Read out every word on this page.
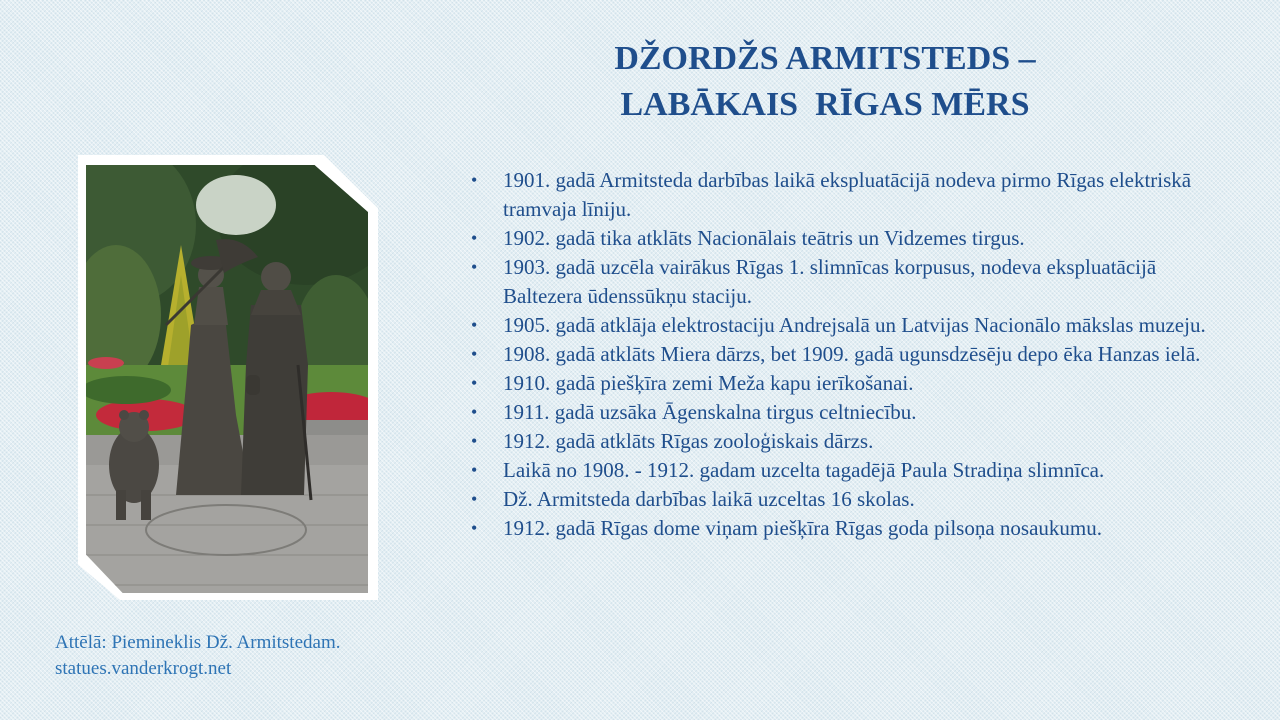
DŽORDŽS ARMITSTEDS –
LABĀKAIS  RĪGAS MĒRS
• 1901. gadā Armitsteda darbības laikā ekspluatācijā nodeva pirmo Rīgas elektriskā tramvaja līniju.
• 1902. gadā tika atklāts Nacionālais teātris un Vidzemes tirgus.
• 1903. gadā uzcēla vairākus Rīgas 1. slimnīcas korpusus, nodeva ekspluatācijā Baltezera ūdenssūkņu staciju.
• 1905. gadā atklāja elektrostaciju Andrejsalā un Latvijas Nacionālo mākslas muzeju.
• 1908. gadā atklāts Miera dārzs, bet 1909. gadā ugunsdzēsēju depo ēka Hanzas ielā.
• 1910. gadā piešķīra zemi Meža kapu ierīkošanai.
• 1911. gadā uzsāka Āgenskalna tirgus celtniecību.
• 1912. gadā atklāts Rīgas zooloģiskais dārzs.
• Laikā no 1908. - 1912. gadam uzcelta tagadējā Paula Stradiņa slimnīca.
• Dž. Armitsteda darbības laikā uzceltas 16 skolas.
• 1912. gadā Rīgas dome viņam piešķīra Rīgas goda pilsoņa nosaukumu.
Attēlā: Piemineklis Dž. Armitstedam.
statues.vanderkrogt.net
